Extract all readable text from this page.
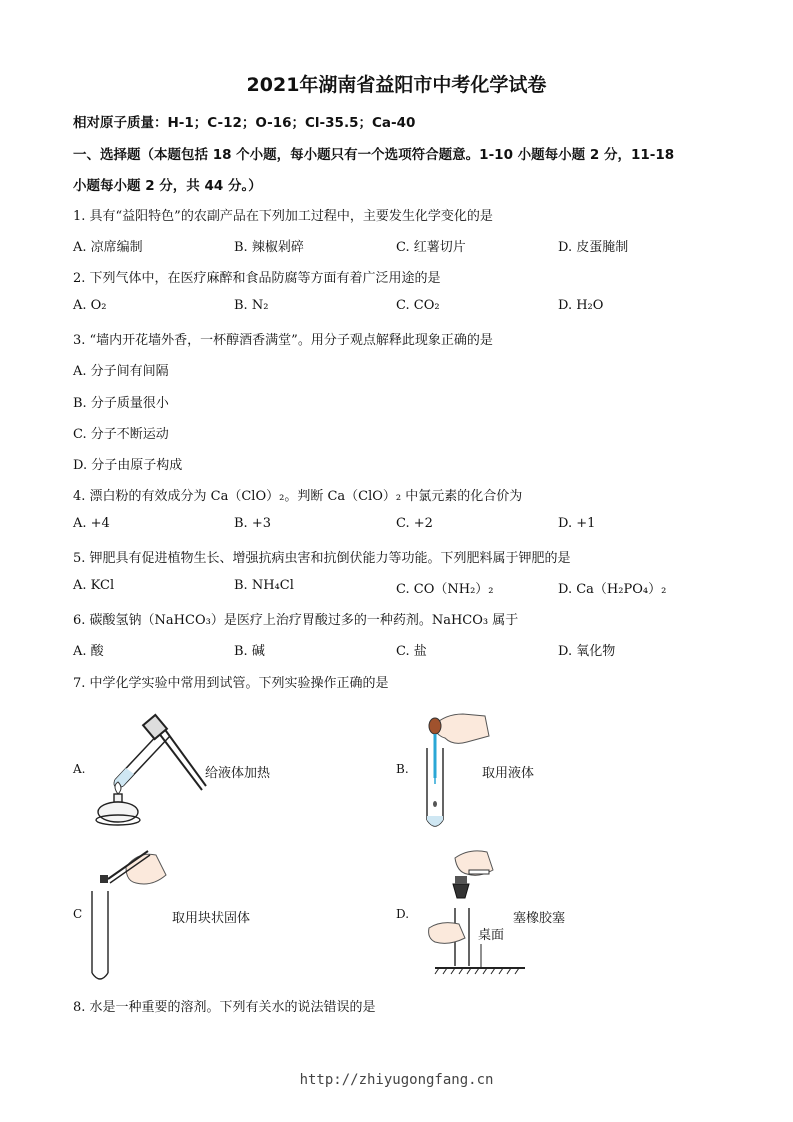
2021年湖南省益阳市中考化学试卷
相对原子质量：H-1；C-12；O-16；Cl-35.5；Ca-40
一、选择题（本题包括 18 个小题，每小题只有一个选项符合题意。1-10 小题每小题 2 分，11-18
小题每小题 2 分，共 44 分。）
1. 具有“益阳特色”的农副产品在下列加工过程中，主要发生化学变化的是
A. 凉席编制	B. 辣椒剁碎	C. 红薯切片	D. 皮蛋腌制
2. 下列气体中，在医疗麻醉和食品防腐等方面有着广泛用途的是
A. O₂	B. N₂	C. CO₂	D. H₂O
3. “墙内开花墙外香，一杯醇酒香满堂”。用分子观点解释此现象正确的是
A. 分子间有间隔
B. 分子质量很小
C. 分子不断运动
D. 分子由原子构成
4. 漂白粉的有效成分为 Ca（ClO）₂。判断 Ca（ClO）₂ 中氯元素的化合价为
A. +4	B. +3	C. +2	D. +1
5. 钾肥具有促进植物生长、增强抗病虫害和抗倒伏能力等功能。下列肥料属于钾肥的是
A. KCl	B. NH₄Cl	C. CO（NH₂）₂	D. Ca（H₂PO₄）₂
6. 碳酸氢钠（NaHCO₃）是医疗上治疗胃酸过多的一种药剂。NaHCO₃ 属于
A. 酸	B. 碱	C. 盐	D. 氧化物
7. 中学化学实验中常用到试管。下列实验操作正确的是
A.	给液体加热	B.	取用液体
C	取用块状固体	D.
桌面
塞橡胶塞
8. 水是一种重要的溶剂。下列有关水的说法错误的是
http://zhiyugongfang.cn
